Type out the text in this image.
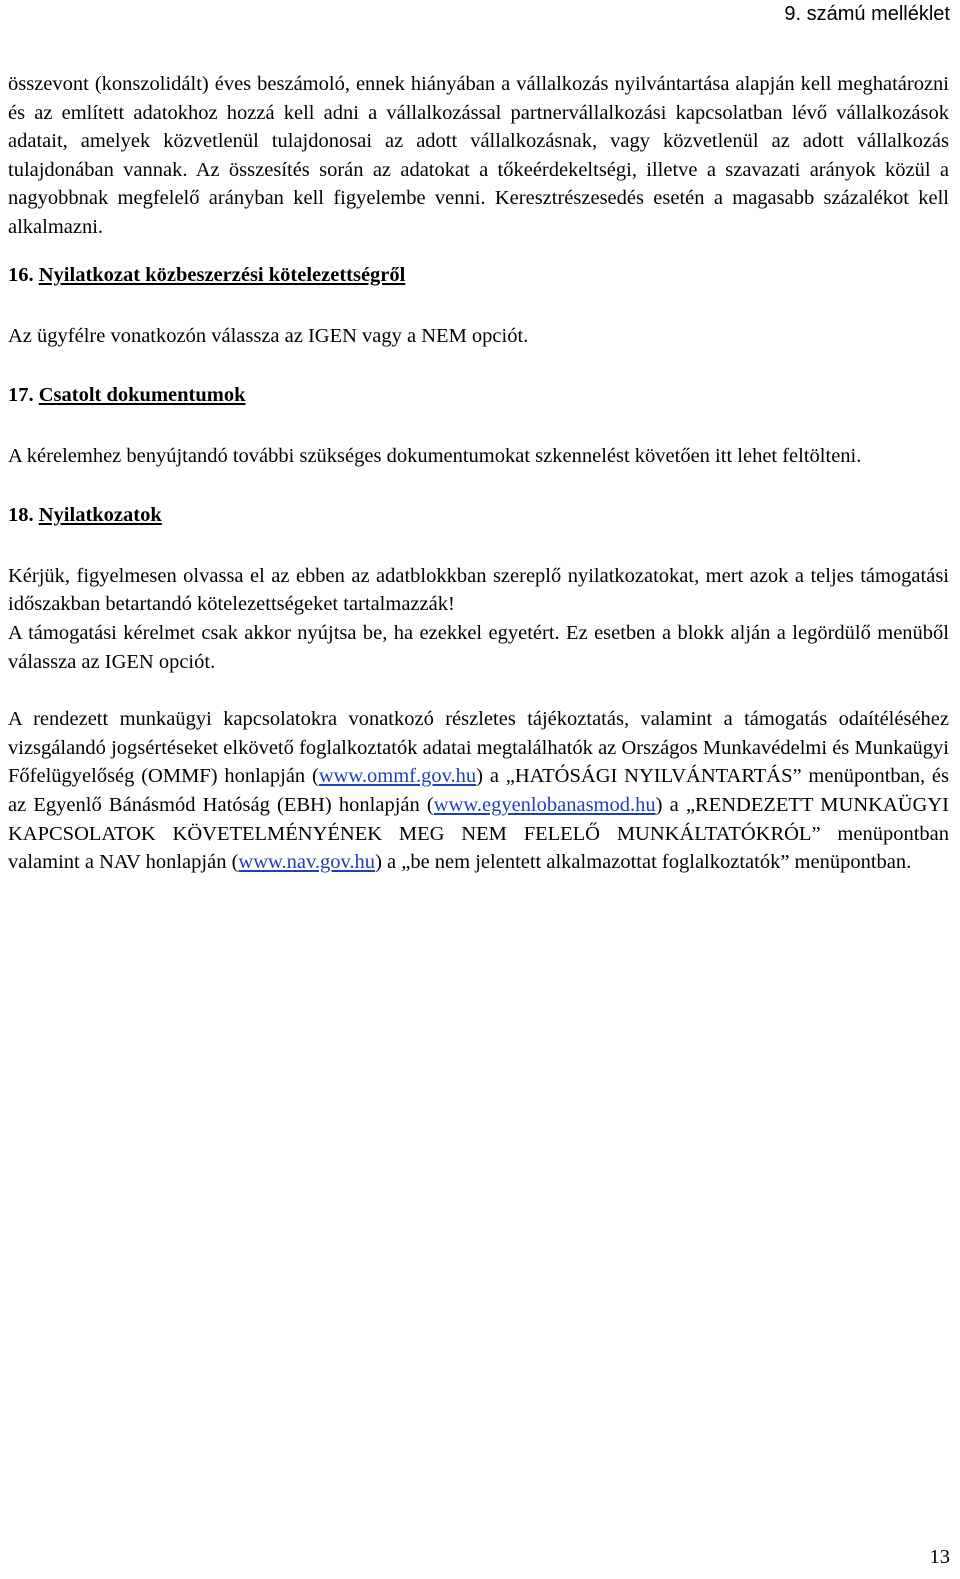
9. számú melléklet

összevont (konszolidált) éves beszámoló, ennek hiányában a vállalkozás nyilvántartása alapján kell meghatározni és az említett adatokhoz hozzá kell adni a vállalkozással partnervállalkozási kapcsolatban lévő vállalkozások adatait, amelyek közvetlenül tulajdonosai az adott vállalkozásnak, vagy közvetlenül az adott vállalkozás tulajdonában vannak. Az összesítés során az adatokat a tőkeérdekeltségi, illetve a szavazati arányok közül a nagyobbnak megfelelő arányban kell figyelembe venni. Keresztrészesedés esetén a magasabb százalékot kell alkalmazni.

16. Nyilatkozat közbeszerzési kötelezettségről

Az ügyfélre vonatkozón válassza az IGEN vagy a NEM opciót.

17. Csatolt dokumentumok

A kérelemhez benyújtandó további szükséges dokumentumokat szkennelést követően itt lehet feltölteni.

18. Nyilatkozatok

Kérjük, figyelmesen olvassa el az ebben az adatblokkban szereplő nyilatkozatokat, mert azok a teljes támogatási időszakban betartandó kötelezettségeket tartalmazzák!

A támogatási kérelmet csak akkor nyújtsa be, ha ezekkel egyetért. Ez esetben a blokk alján a legördülő menüből válassza az IGEN opciót.

A rendezett munkaügyi kapcsolatokra vonatkozó részletes tájékoztatás, valamint a támogatás odaítéléséhez vizsgálandó jogsértéseket elkövető foglalkoztatók adatai megtalálhatók az Országos Munkavédelmi és Munkaügyi Főfelügyelőség (OMMF) honlapján (www.ommf.gov.hu) a „HATÓSÁGI NYILVÁNTARTÁS” menüpontban, és az Egyenlő Bánásmód Hatóság (EBH) honlapján (www.egyenlobanasmod.hu) a „RENDEZETT MUNKAÜGYI KAPCSOLATOK KÖVETELMÉNYÉNEK MEG NEM FELELŐ MUNKÁLTATÓKRÓL” menüpontban valamint a NAV honlapján (www.nav.gov.hu) a „be nem jelentett alkalmazottat foglalkoztatók” menüpontban.

13
